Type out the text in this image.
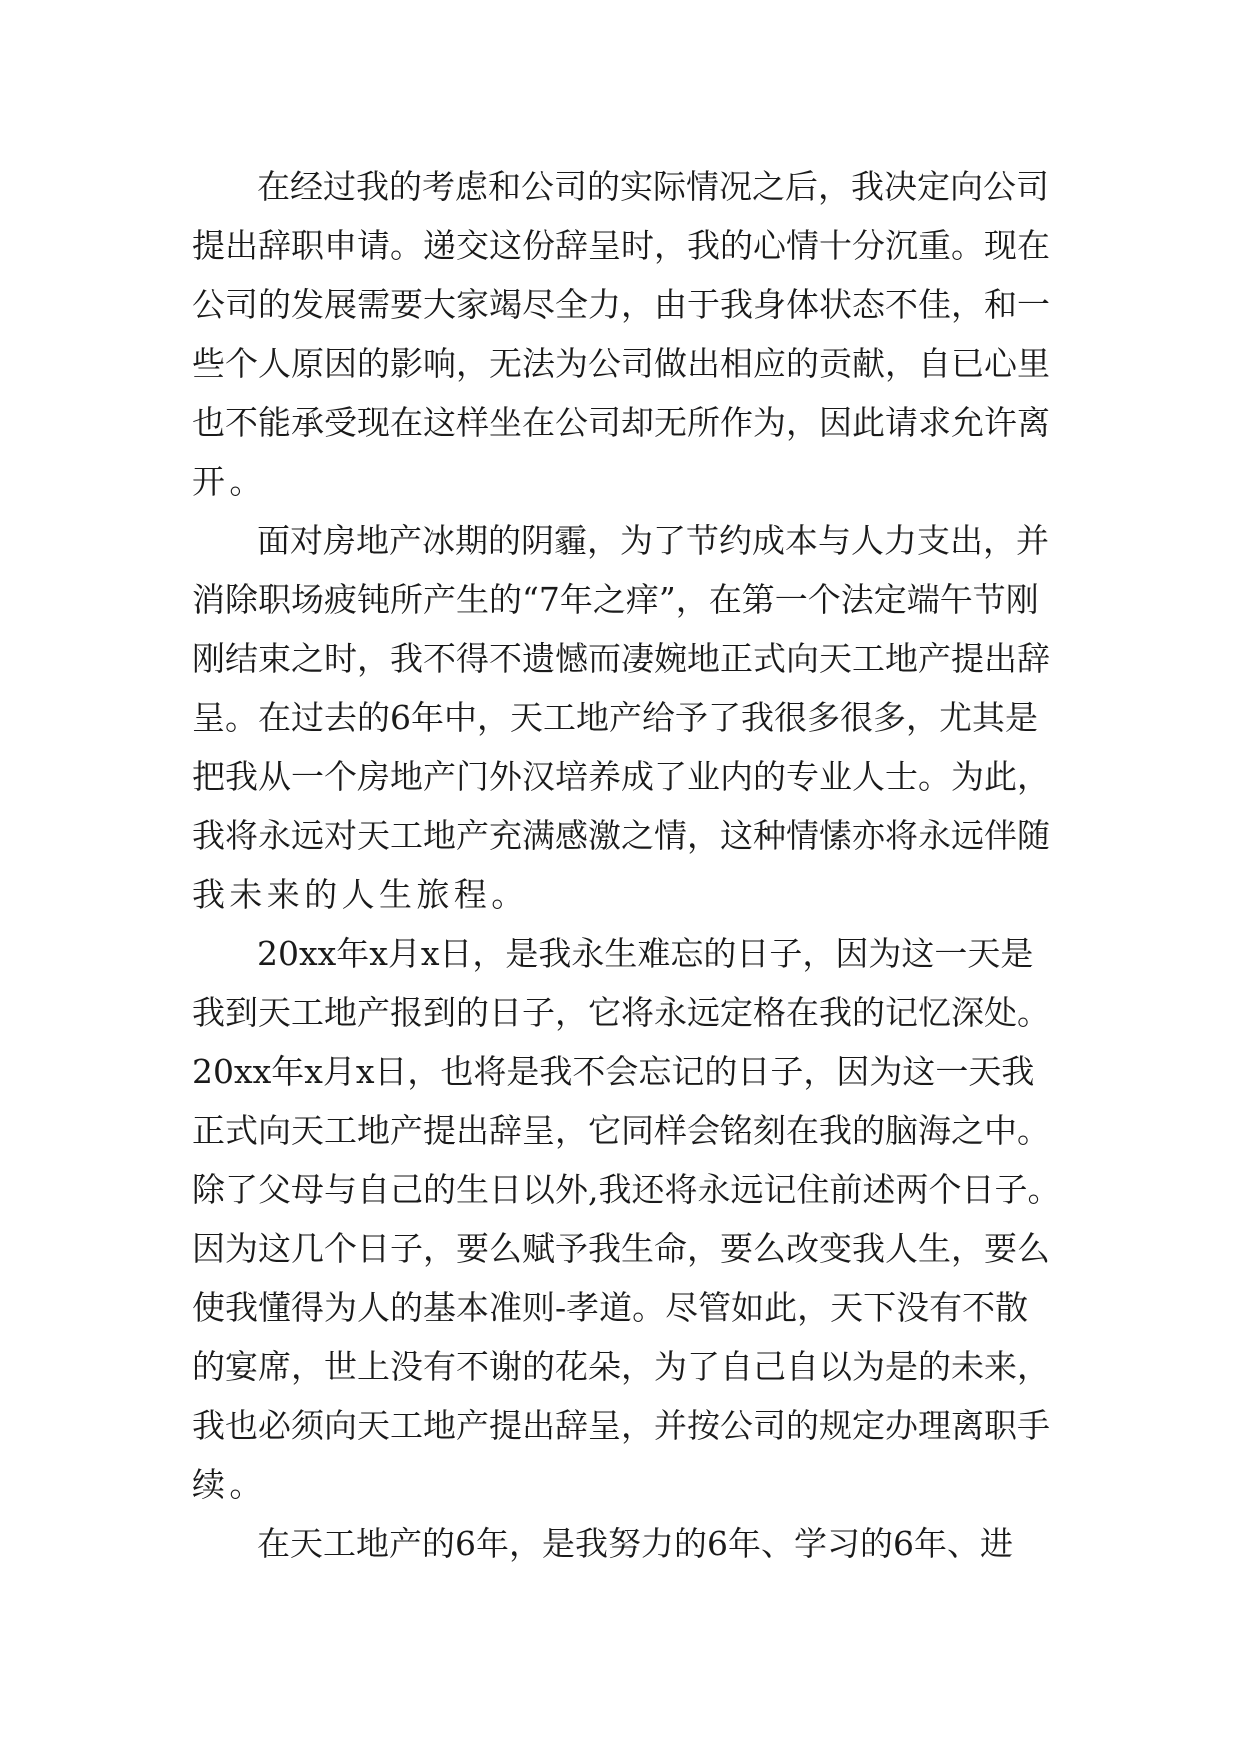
在经过我的考虑和公司的实际情况之后，我决定向公司
提出辞职申请。递交这份辞呈时，我的心情十分沉重。现在
公司的发展需要大家竭尽全力，由于我身体状态不佳，和一
些个人原因的影响，无法为公司做出相应的贡献，自已心里
也不能承受现在这样坐在公司却无所作为，因此请求允许离
开。
面对房地产冰期的阴霾，为了节约成本与人力支出，并
消除职场疲钝所产生的“7年之痒”，在第一个法定端午节刚
刚结束之时，我不得不遗憾而凄婉地正式向天工地产提出辞
呈。在过去的6年中，天工地产给予了我很多很多，尤其是
把我从一个房地产门外汉培养成了业内的专业人士。为此，
我将永远对天工地产充满感激之情，这种情愫亦将永远伴随
我未来的人生旅程。
20xx年x月x日，是我永生难忘的日子，因为这一天是
我到天工地产报到的日子，它将永远定格在我的记忆深处。
20xx年x月x日，也将是我不会忘记的日子，因为这一天我
正式向天工地产提出辞呈，它同样会铭刻在我的脑海之中。
除了父母与自己的生日以外,我还将永远记住前述两个日子。
因为这几个日子，要么赋予我生命，要么改变我人生，要么
使我懂得为人的基本准则-孝道。尽管如此，天下没有不散
的宴席，世上没有不谢的花朵，为了自己自以为是的未来，
我也必须向天工地产提出辞呈，并按公司的规定办理离职手
续。
在天工地产的6年，是我努力的6年、学习的6年、进
